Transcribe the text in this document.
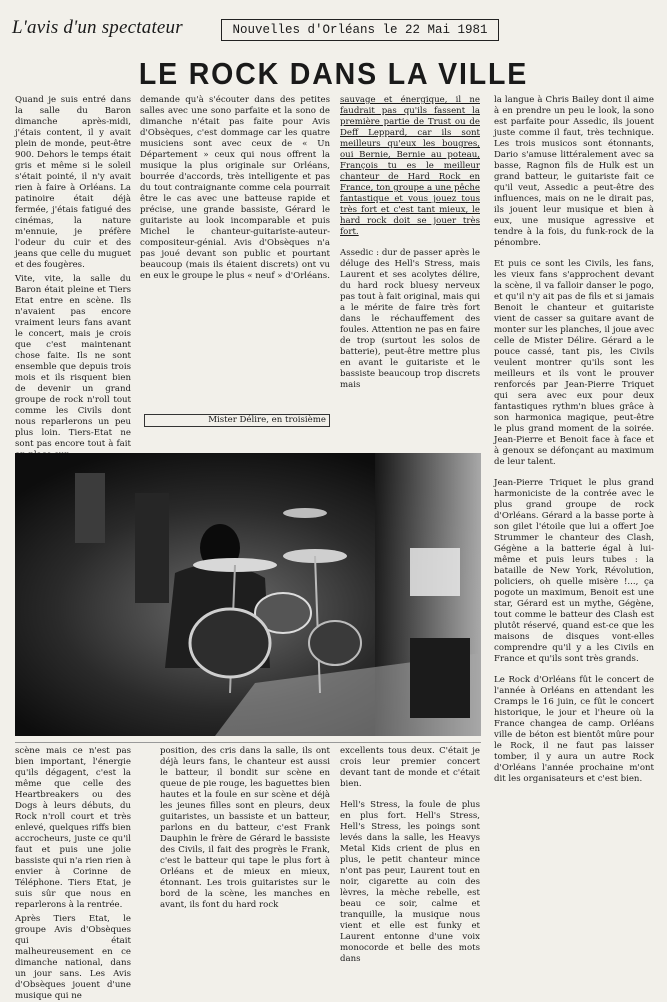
L'avis d'un spectateur	Nouvelles d'Orléans le 22 Mai 1981
LE ROCK DANS LA VILLE

Quand je suis entré dans la salle du Baron dimanche après-midi, j'étais content, il y avait plein de monde, peut-être 900. Dehors le temps était gris et même si le soleil s'était pointé, il n'y avait rien à faire à Orléans. La patinoire était déjà fermée, j'étais fatigué des cinémas, la nature m'ennuie, je préfère l'odeur du cuir et des jeans que celle du muguet et des fougères.

Vite, vite, la salle du Baron était pleine et Tiers Etat entre en scène. Ils n'avaient pas encore vraiment leurs fans avant le concert, mais je crois que c'est maintenant chose faite. Ils ne sont ensemble que depuis trois mois et ils risquent bien de devenir un grand groupe de rock n'roll tout comme les Civils dont nous reparlerons un peu plus loin. Tiers-Etat ne sont pas encore tout à fait

demande qu'à s'écouter dans des petites salles avec une sono parfaite et la sono de dimanche n'était pas faite pour Avis d'Obsèques, c'est dommage car les quatre musiciens sont avec ceux de « Un Département » ceux qui nous offrent la musique la plus originale sur Orléans, bourrée d'accords, très intelligente et pas du tout contraignante comme cela pourrait être le cas avec une batteuse rapide et précise, une grande bassiste, Gérard le guitariste au look incomparable et puis Michel le chanteur-guitariste-auteur-compositeur-génial. Avis d'Obsèques n'a pas joué devant son public et pourtant beaucoup (mais ils étaient discrets) ont vu en eux le groupe le plus « neuf » d'Orléans.

Mister Délire, en troisième

sauvage et énergique, il ne faudrait pas qu'ils fassent la première partie de Trust ou de Deff Leppard, car ils sont meilleurs qu'eux les bougres, oui Bernie, Bernie au poteau, François tu es le meilleur chanteur de Hard Rock en France, ton groupe a une pêche fantastique et vous jouez tous très fort et c'est tant mieux, le hard rock doit se jouer très fort.

Assedic : dur de passer après le déluge des Hell's Stress, mais Laurent et ses acolytes délire, du hard rock bluesy nerveux pas tout à fait original, mais qui a le mérite de faire très fort dans le réchauffement des foules. Attention ne pas en faire de trop (surtout les solos de batterie), peut-être mettre plus en avant le guitariste et le bassiste beaucoup trop discrets mais

la langue à Chris Bailey dont il aime à en prendre un peu le look, la sono est parfaite pour Assedic, ils jouent juste comme il faut, très technique. Les trois musicos sont étonnants, Dario s'amuse littéralement avec sa basse, Ragnon fils de Hulk est un grand batteur, le guitariste fait ce qu'il veut, Assedic a peut-être des influences, mais on ne le dirait pas, ils jouent leur musique et bien à eux, une musique agressive et tendre à la fois, du funk-rock de la pénombre.

Et puis ce sont les Civils, les fans, les vieux fans s'approchent devant la scène, il va falloir danser le pogo, et qu'il n'y ait pas de fils et si jamais Benoit le chanteur et guitariste vient de casser sa guitare avant de monter sur les planches, il joue avec celle de Mister Délire. Gérard a le pouce cassé, tant pis, les Civils veulent montrer qu'ils sont les meilleurs et ils vont le prouver renforcés par Jean-Pierre Triquet qui sera avec eux pour deux fantastiques rythm'n blues grâce à son harmonica magique, peut-être le plus grand moment de la soirée. Jean-Pierre et Benoit face à face et à genoux se défonçant au maximum de leur talent.

Jean-Pierre Triquet le plus grand harmoniciste de la contrée avec le plus grand groupe de rock d'Orléans. Gérard a la basse porte à son gilet l'étoile que lui a offert Joe Strummer le chanteur des Clash, Gégène a la batterie égal à lui-même et puis leurs tubes : la bataille de New York, Révolution, policiers, oh quelle misère !..., ça pogote un maximum, Benoit est une star, Gérard est un mythe, Gégène, tout comme le batteur des Clash est plutôt réservé, quand est-ce que les maisons de disques vont-elles comprendre qu'il y a les Civils en France et qu'ils sont très grands.

Le Rock d'Orléans fût le concert de l'année à Orléans en attendant les Cramps le 16 juin, ce fût le concert historique, le jour et l'heure où la France changea de camp. Orléans ville de béton est bientôt mûre pour le Rock, il ne faut pas laisser tomber, il y aura un autre Rock d'Orléans l'année prochaine m'ont dit les organisateurs et c'est bien.

scène mais ce n'est pas bien important, l'énergie qu'ils dégagent, c'est la même que celle des Heartbreakers ou des Dogs à leurs débuts, du Rock n'roll court et très enlevé, quelques riffs bien accrocheurs, juste ce qu'il faut et puis une jolie bassiste qui n'a rien rien à envier à Corinne de Téléphone. Tiers Etat, je suis sûr que nous en reparlerons à la rentrée.

Après Tiers Etat, le groupe Avis d'Obsèques qui était malheureusement en ce dimanche national, dans un jour sans. Les Avis d'Obsèques jouent d'une musique qui ne

position, des cris dans la salle, ils ont déjà leurs fans, le chanteur est aussi le batteur, il bondit sur scène en queue de pie rouge, les baguettes bien hautes et la foule en sur scène et déjà les jeunes filles sont en pleurs, deux guitaristes, un bassiste et un batteur, parlons en du batteur, c'est Frank Dauphin le frère de Gérard le bassiste des Civils, il fait des progrès le Frank, c'est le batteur qui tape le plus fort à Orléans et de mieux en mieux, étonnant. Les trois guitaristes sur le bord de la scène, les manches en avant, ils font du hard rock

excellents tous deux. C'était je crois leur premier concert devant tant de monde et c'était bien.

Hell's Stress, la foule de plus en plus fort. Hell's Stress, Hell's Stress, les poings sont levés dans la salle, les Heavys Metal Kids crient de plus en plus, le petit chanteur mince n'ont pas peur, Laurent tout en noir, cigarette au coin des lèvres, la mèche rebelle, est beau ce soir, calme et tranquille, la musique nous vient et elle est funky et Laurent entonne d'une voix monocorde et belle des mots dans
